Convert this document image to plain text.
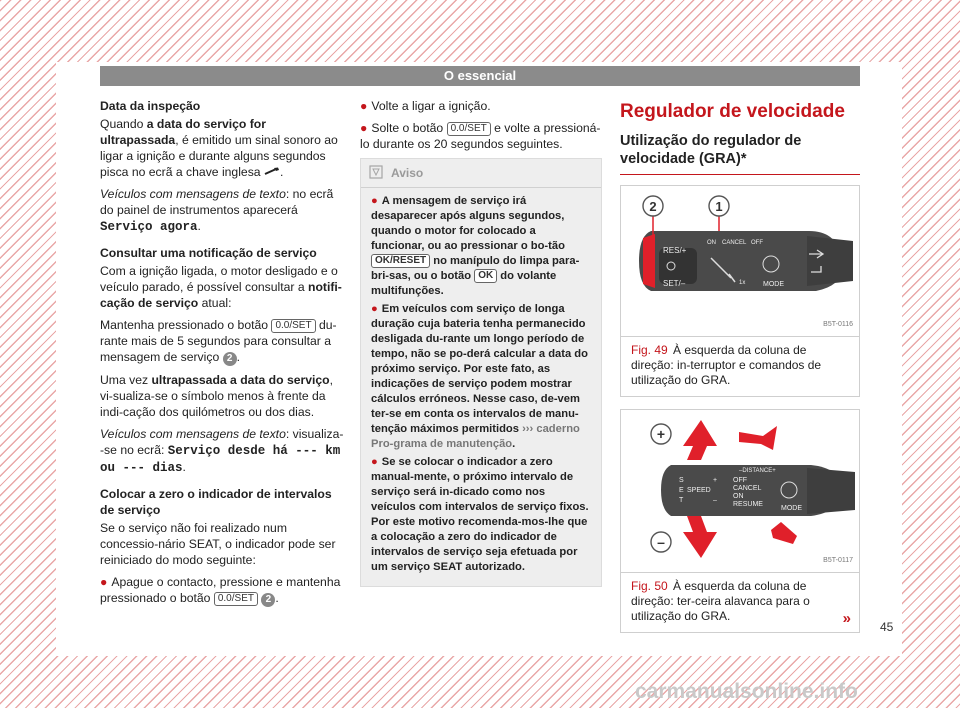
O essencial

Data da inspeção

Quando a data do serviço for ultrapassada, é emitido um sinal sonoro ao ligar a ignição e durante alguns segundos pisca no ecrã a chave inglesa .

Veículos com mensagens de texto: no ecrã do painel de instrumentos aparecerá Serviço agora.

Consultar uma notificação de serviço

Com a ignição ligada, o motor desligado e o veículo parado, é possível consultar a notifi-cação de serviço atual:

Mantenha pressionado o botão 0.0/SET du-rante mais de 5 segundos para consultar a mensagem de serviço 2 .

Uma vez ultrapassada a data do serviço, vi-sualiza-se o símbolo menos à frente da indi-cação dos quilómetros ou dos dias.

Veículos com mensagens de texto: visualiza--se no ecrã: Serviço desde há --- km ou --- dias.

Colocar a zero o indicador de intervalos de serviço

Se o serviço não foi realizado num concessio-nário SEAT, o indicador pode ser reiniciado do modo seguinte:

● Apague o contacto, pressione e mantenha pressionado o botão 0.0/SET 2 .

● Volte a ligar a ignição.

● Solte o botão 0.0/SET e volte a pressioná-lo durante os 20 segundos seguintes.

Aviso

● A mensagem de serviço irá desaparecer após alguns segundos, quando o motor for colocado a funcionar, ou ao pressionar o bo-tão OK/RESET no manípulo do limpa para-bri-sas, ou o botão OK do volante multifunções.

● Em veículos com serviço de longa duração cuja bateria tenha permanecido desligada du-rante um longo período de tempo, não se po-derá calcular a data do próximo serviço. Por este fato, as indicações de serviço podem mostrar cálculos erróneos. Nesse caso, de-vem ter-se em conta os intervalos de manu-tenção máximos permitidos ››› caderno Pro-grama de manutenção.

● Se se colocar o indicador a zero manual-mente, o próximo intervalo de serviço será in-dicado como nos veículos com intervalos de serviço fixos. Por este motivo recomenda-mos-lhe que a colocação a zero do indicador de intervalos de serviço seja efetuada por um serviço SEAT autorizado.

Regulador de velocidade
Utilização do regulador de velocidade (GRA)*
RES/+
SET/–
ON CANCEL OFF
MODE
1x
2	1
B5T-0116
Fig. 49 À esquerda da coluna de direção: in-terruptor e comandos de utilização do GRA.
–DISTANCE+
S
E
T
SPEED
+
–
OFF
CANCEL
ON
RESUME
MODE
+
–
B5T-0117
Fig. 50 À esquerda da coluna de direção: ter-ceira alavanca para o utilização do GRA.	» 45
carmanualsonline.info
